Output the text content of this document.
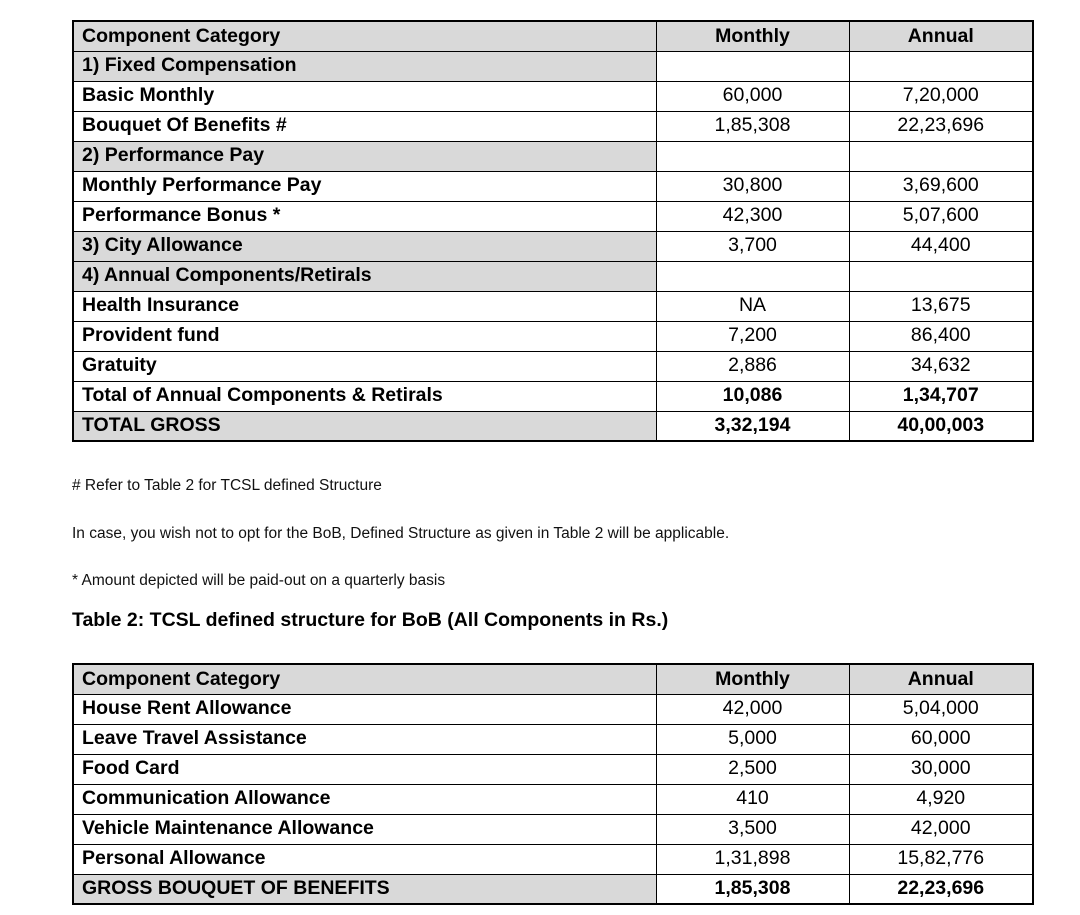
Component Category	Monthly	Annual
1) Fixed Compensation		
Basic Monthly	60,000	7,20,000
Bouquet Of Benefits #	1,85,308	22,23,696
2) Performance Pay		
Monthly Performance Pay	30,800	3,69,600
Performance Bonus *	42,300	5,07,600
3) City Allowance	3,700	44,400
4) Annual Components/Retirals		
Health Insurance	NA	13,675
Provident fund	7,200	86,400
Gratuity	2,886	34,632
Total of Annual Components & Retirals	10,086	1,34,707
TOTAL GROSS	3,32,194	40,00,003

# Refer to Table 2 for TCSL defined Structure

In case, you wish not to opt for the BoB, Defined Structure as given in Table 2 will be applicable.

* Amount depicted will be paid-out on a quarterly basis

Table 2: TCSL defined structure for BoB (All Components in Rs.)
Component Category	Monthly	Annual
House Rent Allowance	42,000	5,04,000
Leave Travel Assistance	5,000	60,000
Food Card	2,500	30,000
Communication Allowance	410	4,920
Vehicle Maintenance Allowance	3,500	42,000
Personal Allowance	1,31,898	15,82,776
GROSS BOUQUET OF BENEFITS	1,85,308	22,23,696
